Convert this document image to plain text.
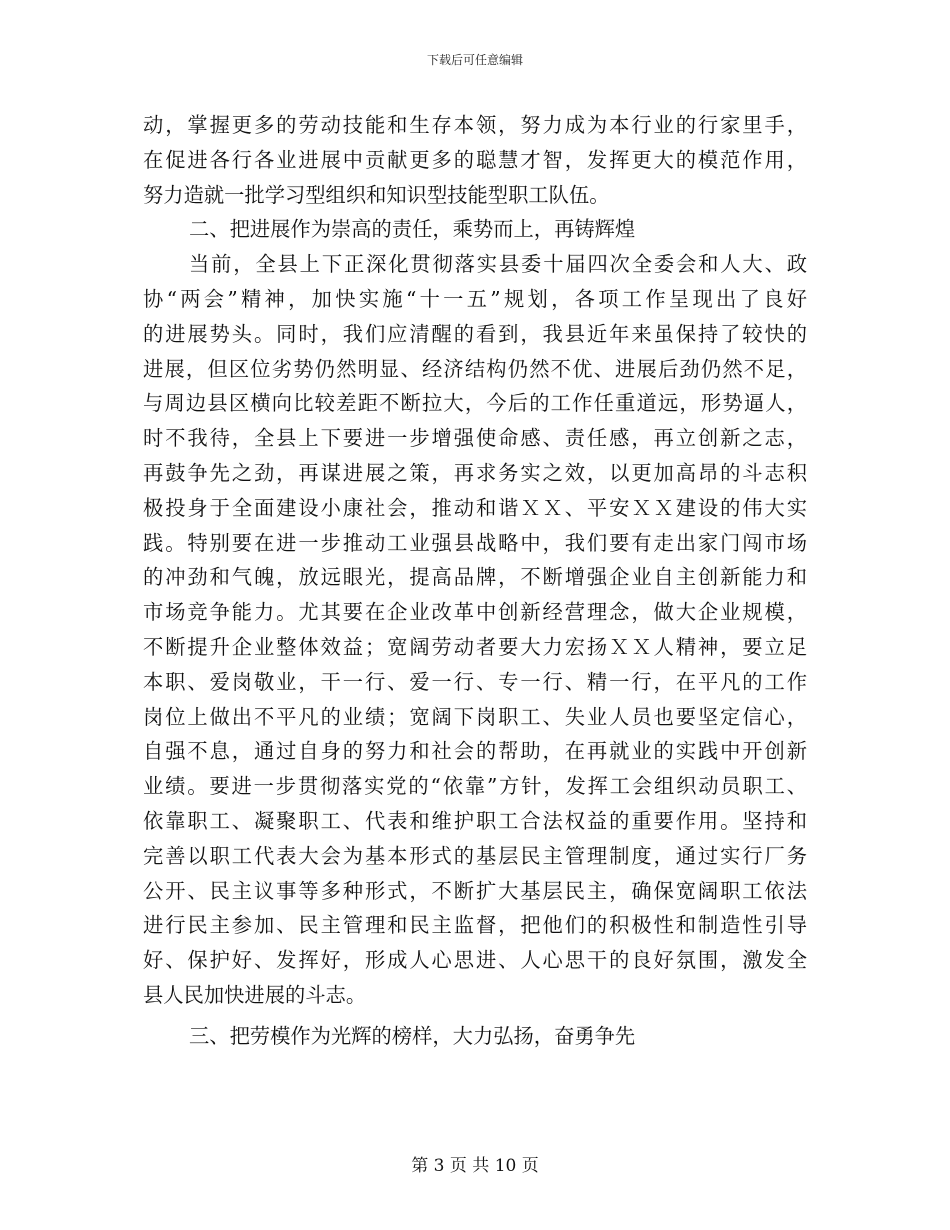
下载后可任意编辑
动，掌握更多的劳动技能和生存本领，努力成为本行业的行家里手，
在促进各行各业进展中贡献更多的聪慧才智，发挥更大的模范作用，
努力造就一批学习型组织和知识型技能型职工队伍。
二、把进展作为崇高的责任，乘势而上，再铸辉煌
当前，全县上下正深化贯彻落实县委十届四次全委会和人大、政
协“两会”精神，加快实施“十一五”规划，各项工作呈现出了良好
的进展势头。同时，我们应清醒的看到，我县近年来虽保持了较快的
进展，但区位劣势仍然明显、经济结构仍然不优、进展后劲仍然不足，
与周边县区横向比较差距不断拉大，今后的工作任重道远，形势逼人，
时不我待，全县上下要进一步增强使命感、责任感，再立创新之志，
再鼓争先之劲，再谋进展之策，再求务实之效，以更加高昂的斗志积
极投身于全面建设小康社会，推动和谐ＸＸ、平安ＸＸ建设的伟大实
践。特别要在进一步推动工业强县战略中，我们要有走出家门闯市场
的冲劲和气魄，放远眼光，提高品牌，不断增强企业自主创新能力和
市场竞争能力。尤其要在企业改革中创新经营理念，做大企业规模，
不断提升企业整体效益；宽阔劳动者要大力宏扬ＸＸ人精神，要立足
本职、爱岗敬业，干一行、爱一行、专一行、精一行，在平凡的工作
岗位上做出不平凡的业绩；宽阔下岗职工、失业人员也要坚定信心，
自强不息，通过自身的努力和社会的帮助，在再就业的实践中开创新
业绩。要进一步贯彻落实党的“依靠”方针，发挥工会组织动员职工、
依靠职工、凝聚职工、代表和维护职工合法权益的重要作用。坚持和
完善以职工代表大会为基本形式的基层民主管理制度，通过实行厂务
公开、民主议事等多种形式，不断扩大基层民主，确保宽阔职工依法
进行民主参加、民主管理和民主监督，把他们的积极性和制造性引导
好、保护好、发挥好，形成人心思进、人心思干的良好氛围，激发全
县人民加快进展的斗志。
三、把劳模作为光辉的榜样，大力弘扬，奋勇争先
第 3 页 共 10 页
